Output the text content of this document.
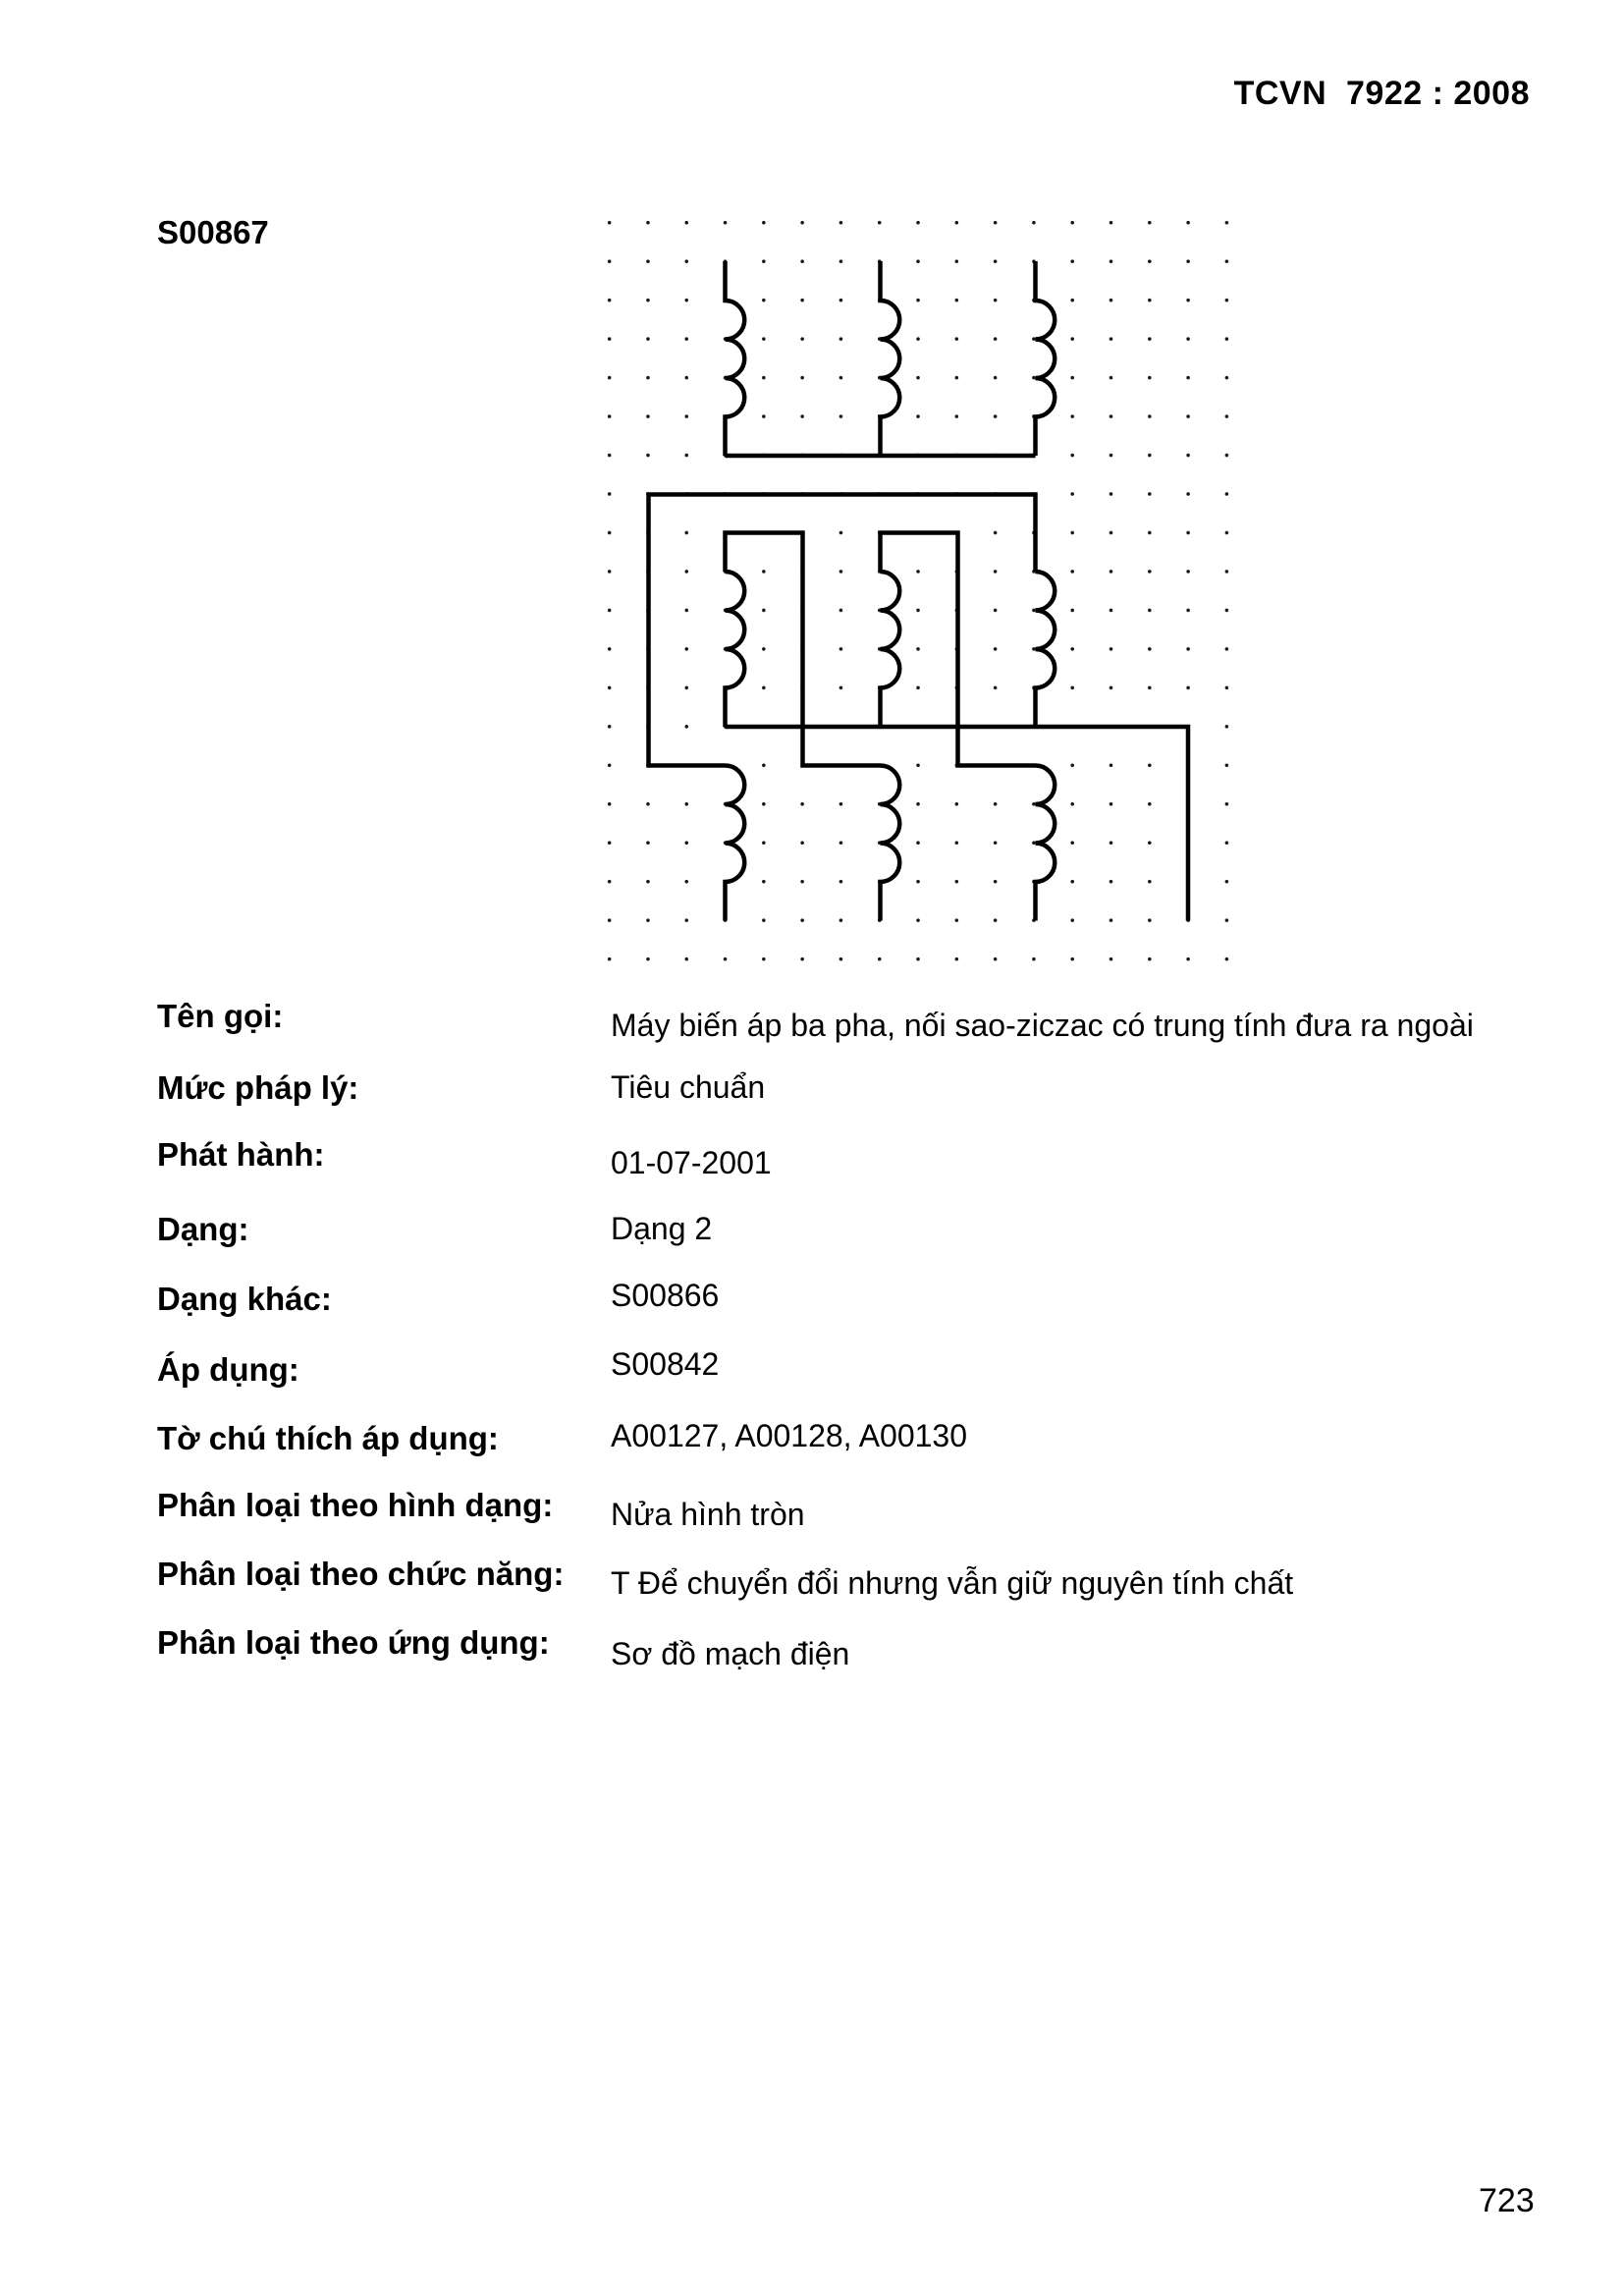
TCVN  7922 : 2008
S00867
Tên gọi:	Máy biến áp ba pha, nối sao-ziczac có trung tính đưa ra ngoài
Mức pháp lý:	Tiêu chuẩn
Phát hành:	01-07-2001
Dạng:	Dạng 2
Dạng khác:	S00866
Áp dụng:	S00842
Tờ chú thích áp dụng:	A00127, A00128, A00130
Phân loại theo hình dạng: Nửa hình tròn
Phân loại theo chức năng: T Để chuyển đổi nhưng vẫn giữ nguyên tính chất
Phân loại theo ứng dụng: Sơ đồ mạch điện
723
